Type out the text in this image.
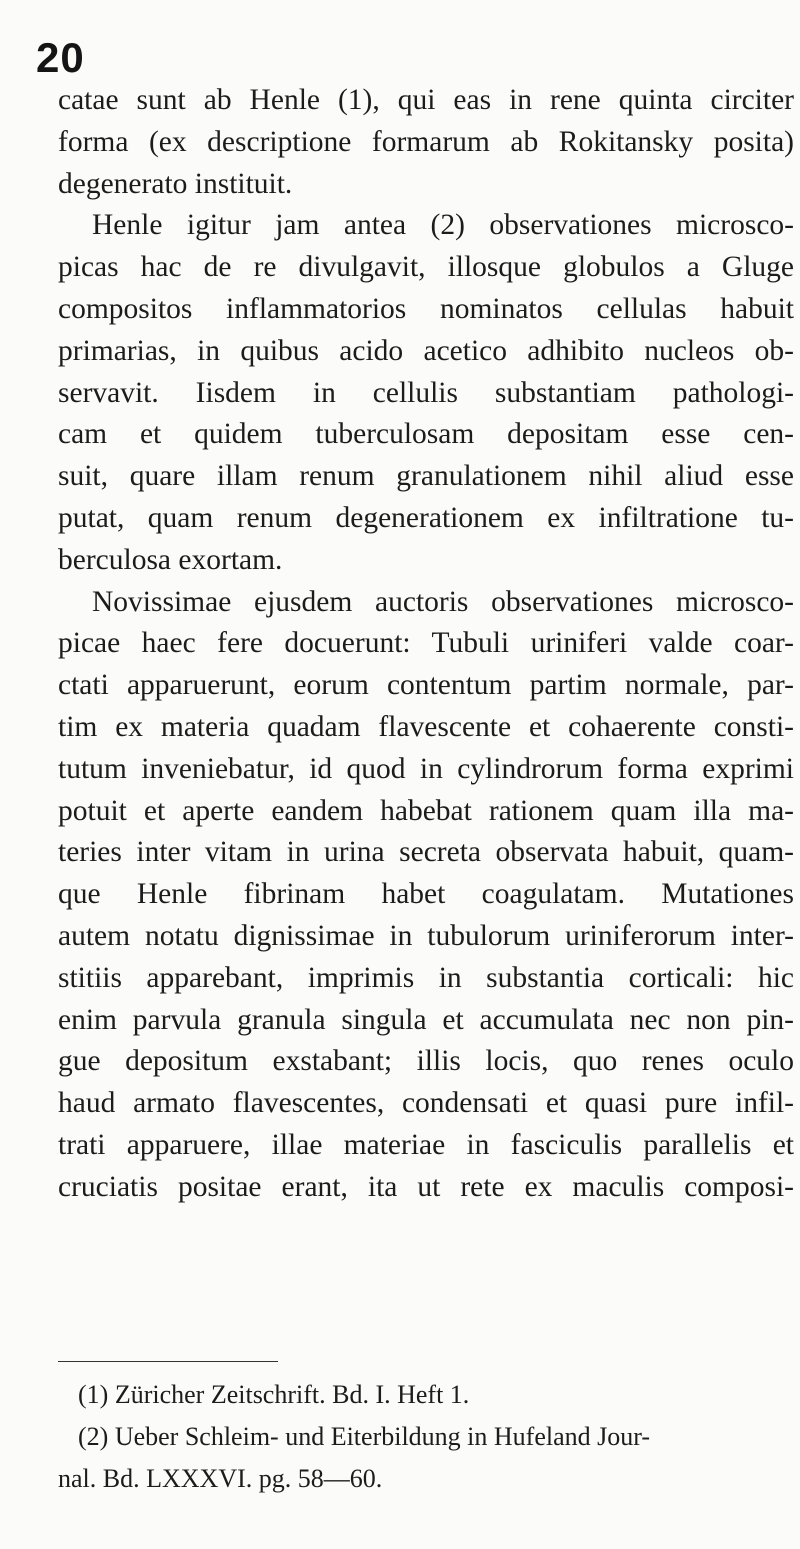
20
catae sunt ab Henle (1), qui eas in rene quinta circiter
forma (ex descriptione formarum ab Rokitansky posita)
degenerato instituit.
Henle igitur jam antea (2) observationes microsco-
picas hac de re divulgavit, illosque globulos a Gluge
compositos inflammatorios nominatos cellulas habuit
primarias, in quibus acido acetico adhibito nucleos ob-
servavit. Iisdem in cellulis substantiam pathologi-
cam et quidem tuberculosam depositam esse cen-
suit, quare illam renum granulationem nihil aliud esse
putat, quam renum degenerationem ex infiltratione tu-
berculosa exortam.
Novissimae ejusdem auctoris observationes microsco-
picae haec fere docuerunt: Tubuli uriniferi valde coar-
ctati apparuerunt, eorum contentum partim normale, par-
tim ex materia quadam flavescente et cohaerente consti-
tutum inveniebatur, id quod in cylindrorum forma exprimi
potuit et aperte eandem habebat rationem quam illa ma-
teries inter vitam in urina secreta observata habuit, quam-
que Henle fibrinam habet coagulatam. Mutationes
autem notatu dignissimae in tubulorum uriniferorum inter-
stitiis apparebant, imprimis in substantia corticali: hic
enim parvula granula singula et accumulata nec non pin-
gue depositum exstabant; illis locis, quo renes oculo
haud armato flavescentes, condensati et quasi pure infil-
trati apparuere, illae materiae in fasciculis parallelis et
cruciatis positae erant, ita ut rete ex maculis composi-
(1) Züricher Zeitschrift. Bd. I. Heft 1.
(2) Ueber Schleim- und Eiterbildung in Hufeland Jour-
nal. Bd. LXXXVI. pg. 58—60.
